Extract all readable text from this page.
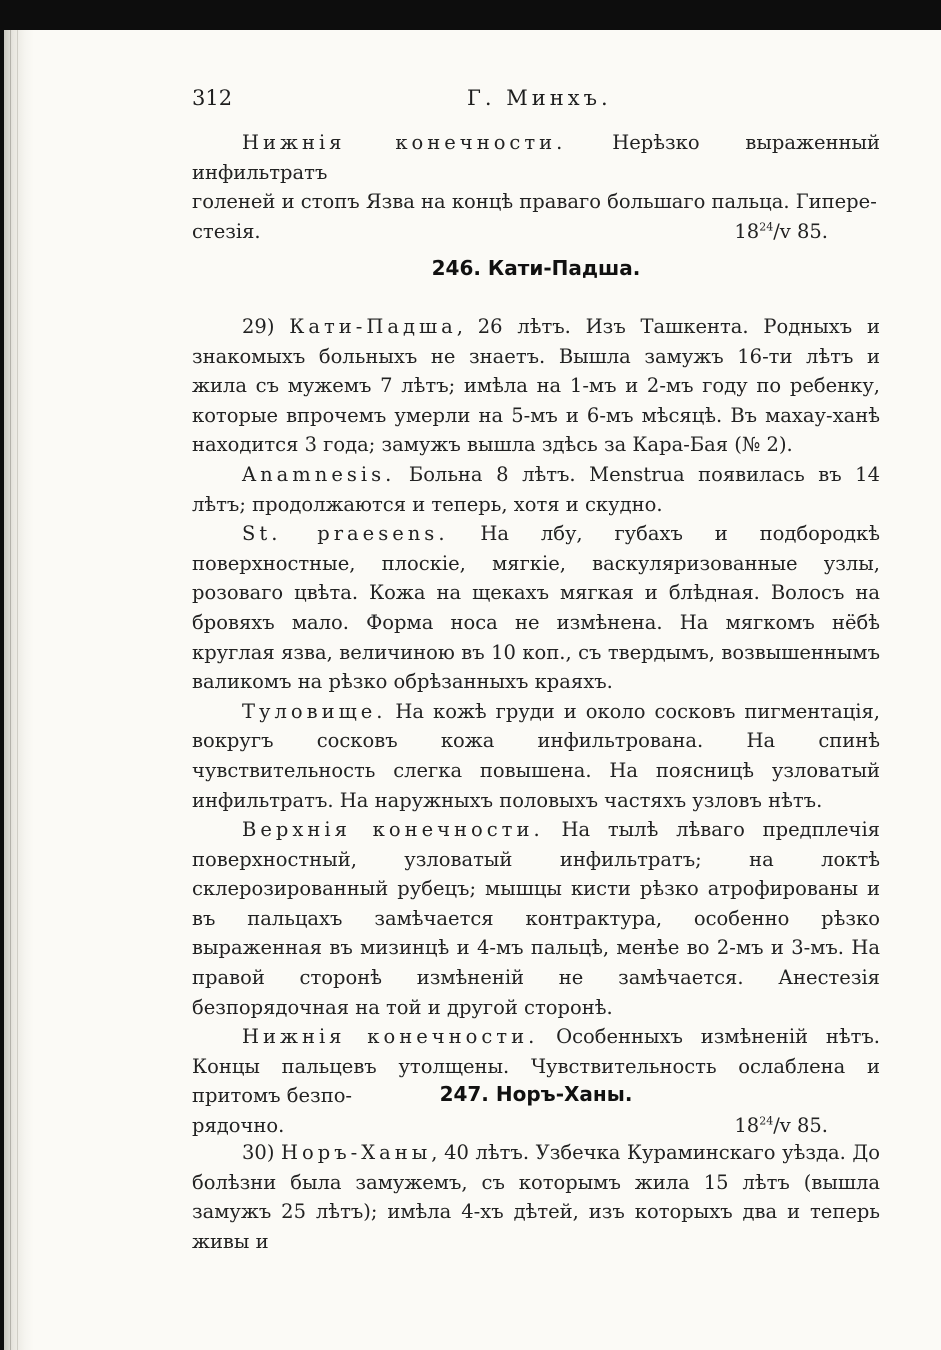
312	Г. Минхъ.

Нижнія конечности. Нерѣзко выраженный инфильтратъ

голеней и стопъ Язва на концѣ праваго большаго пальца. Гипере-

стезія.	$18^{24}/v$ 85.

246. Кати-Падша.

29) Кати-Падша, 26 лѣтъ. Изъ Ташкента. Родныхъ и знакомыхъ больныхъ не знаетъ. Вышла замужъ 16-ти лѣтъ и жила съ мужемъ 7 лѣтъ; имѣла на 1-мъ и 2-мъ году по ребенку, которые впрочемъ умерли на 5-мъ и 6-мъ мѣсяцѣ. Въ махау-ханѣ находится 3 года; замужъ вышла здѣсь за Кара-Бая (№ 2).

Anamnesis. Больна 8 лѣтъ. Menstrua появилась въ 14 лѣтъ; продолжаются и теперь, хотя и скудно.

St. praesens. На лбу, губахъ и подбородкѣ поверхностные, плоскіе, мягкіе, васкуляризованные узлы, розоваго цвѣта. Кожа на щекахъ мягкая и блѣдная. Волосъ на бровяхъ мало. Форма носа не измѣнена. На мягкомъ нёбѣ круглая язва, величиною въ 10 коп., съ твердымъ, возвышеннымъ валикомъ на рѣзко обрѣзанныхъ краяхъ.

Туловище. На кожѣ груди и около сосковъ пигментація, вокругъ сосковъ кожа инфильтрована. На спинѣ чувствительность слегка повышена. На поясницѣ узловатый инфильтратъ. На наружныхъ половыхъ частяхъ узловъ нѣтъ.

Верхнія конечности. На тылѣ лѣваго предплечія поверхностный, узловатый инфильтратъ; на локтѣ склерозированный рубецъ; мышцы кисти рѣзко атрофированы и въ пальцахъ замѣчается контрактура, особенно рѣзко выраженная въ мизинцѣ и 4-мъ пальцѣ, менѣе во 2-мъ и 3-мъ. На правой сторонѣ измѣненій не замѣчается. Анестезія безпорядочная на той и другой сторонѣ.

Нижнія конечности. Особенныхъ измѣненій нѣтъ. Концы пальцевъ утолщены. Чувствительность ослаблена и притомъ безпо-

рядочно.	$18^{24}/v$ 85.

247. Норъ-Ханы.

30) Норъ-Ханы, 40 лѣтъ. Узбечка Кураминскаго уѣзда. До болѣзни была замужемъ, съ которымъ жила 15 лѣтъ (вышла замужъ 25 лѣтъ); имѣла 4-хъ дѣтей, изъ которыхъ два и теперь живы и
